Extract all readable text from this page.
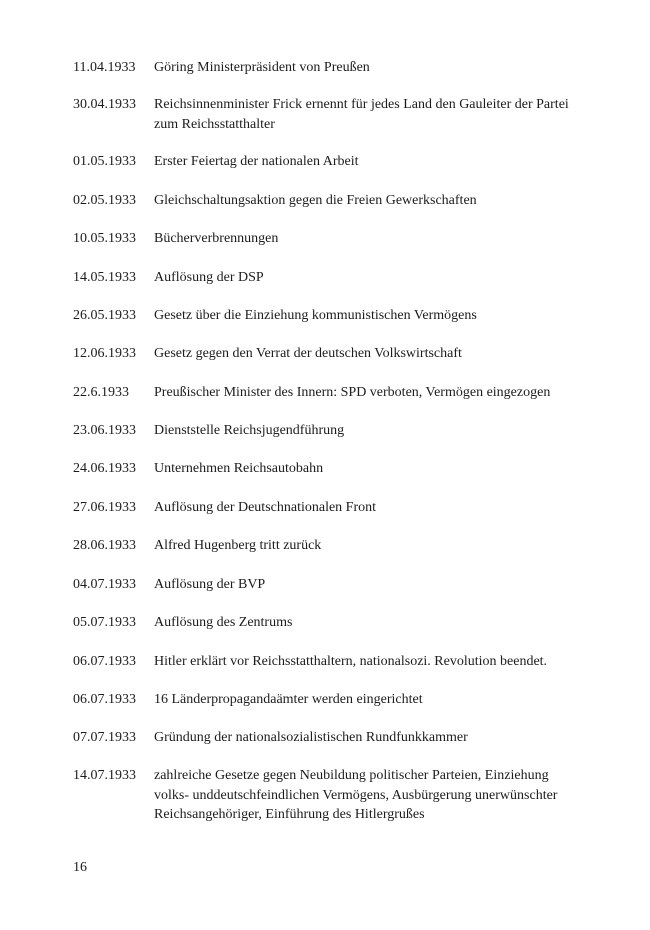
11.04.1933	Göring Ministerpräsident von Preußen
30.04.1933	Reichsinnenminister Frick ernennt für jedes Land den Gauleiter der Partei zum Reichsstatthalter
01.05.1933	Erster Feiertag der nationalen Arbeit
02.05.1933	Gleichschaltungsaktion gegen die Freien Gewerkschaften
10.05.1933	Bücherverbrennungen
14.05.1933	Auflösung der DSP
26.05.1933	Gesetz über die Einziehung kommunistischen Vermögens
12.06.1933	Gesetz gegen den Verrat der deutschen Volkswirtschaft
22.6.1933	Preußischer Minister des Innern: SPD verboten, Vermögen eingezogen
23.06.1933	Dienststelle Reichsjugendführung
24.06.1933	Unternehmen Reichsautobahn
27.06.1933	Auflösung der Deutschnationalen Front
28.06.1933	Alfred Hugenberg tritt zurück
04.07.1933	Auflösung der BVP
05.07.1933	Auflösung des Zentrums
06.07.1933	Hitler erklärt vor Reichsstatthaltern, nationalsozi. Revolution beendet.
06.07.1933	16 Länderpropagandaämter werden eingerichtet
07.07.1933	Gründung der nationalsozialistischen Rundfunkkammer
14.07.1933	zahlreiche Gesetze gegen Neubildung politischer Parteien, Einziehung volks- unddeutschfeindlichen Vermögens, Ausbürgerung unerwünschter Reichsangehöriger, Einführung des Hitlergrußes
16
